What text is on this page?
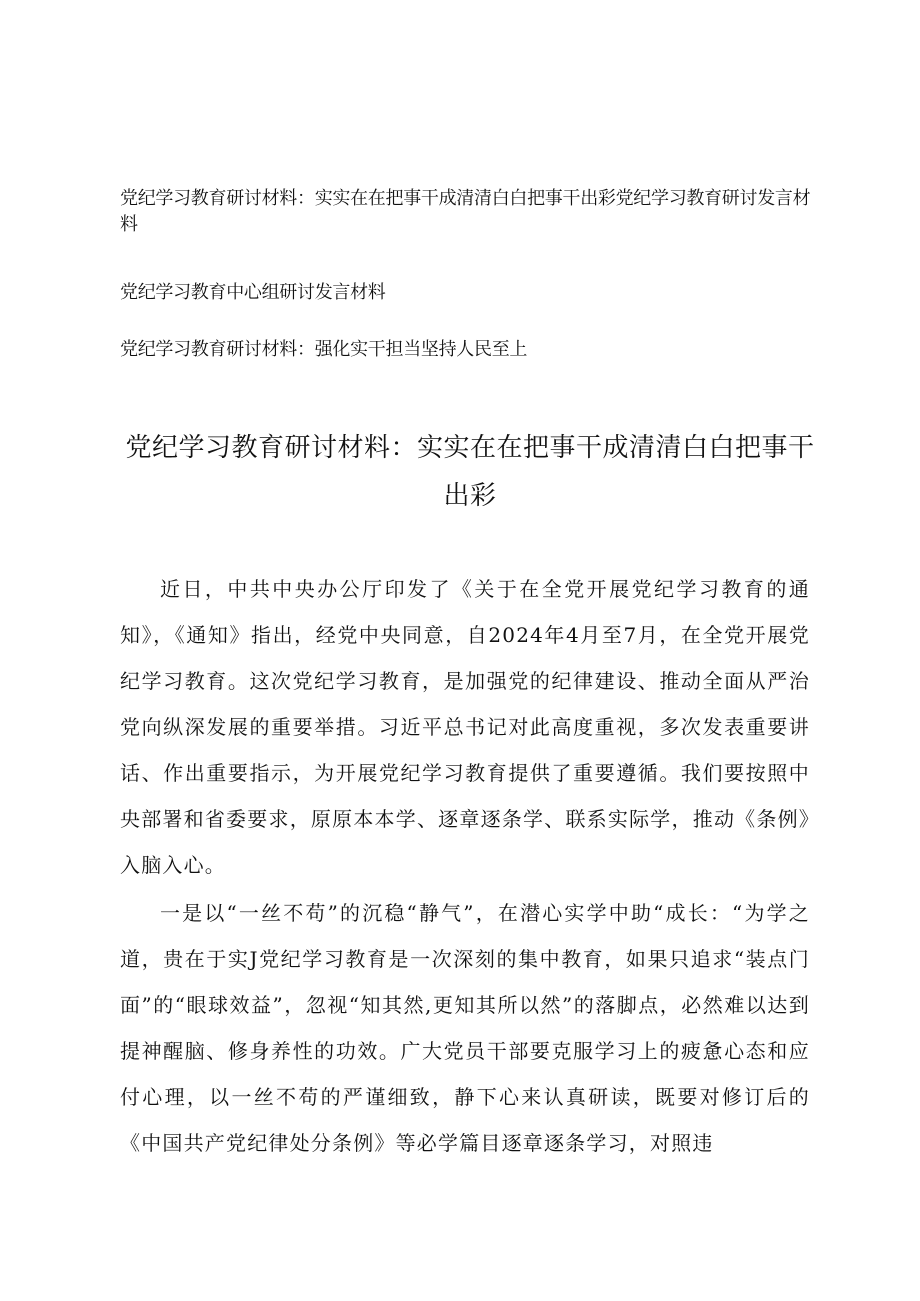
党纪学习教育研讨材料：实实在在把事干成清清白白把事干出彩党纪学习教育研讨发言材料

党纪学习教育中心组研讨发言材料

党纪学习教育研讨材料：强化实干担当坚持人民至上

党纪学习教育研讨材料：实实在在把事干成清清白白把事干出彩

近日，中共中央办公厅印发了《关于在全党开展党纪学习教育的通知》，《通知》指出，经党中央同意，自2024年4月至7月，在全党开展党纪学习教育。这次党纪学习教育，是加强党的纪律建设、推动全面从严治党向纵深发展的重要举措。习近平总书记对此高度重视，多次发表重要讲话、作出重要指示，为开展党纪学习教育提供了重要遵循。我们要按照中央部署和省委要求，原原本本学、逐章逐条学、联系实际学，推动《条例》入脑入心。

一是以“一丝不苟”的沉稳“静气”，在潜心实学中助“成长：“为学之道，贵在于实J党纪学习教育是一次深刻的集中教育，如果只追求“装点门面”的“眼球效益”，忽视“知其然,更知其所以然”的落脚点，必然难以达到提神醒脑、修身养性的功效。广大党员干部要克服学习上的疲惫心态和应付心理，以一丝不苟的严谨细致，静下心来认真研读，既要对修订后的《中国共产党纪律处分条例》等必学篇目逐章逐条学习，对照违
